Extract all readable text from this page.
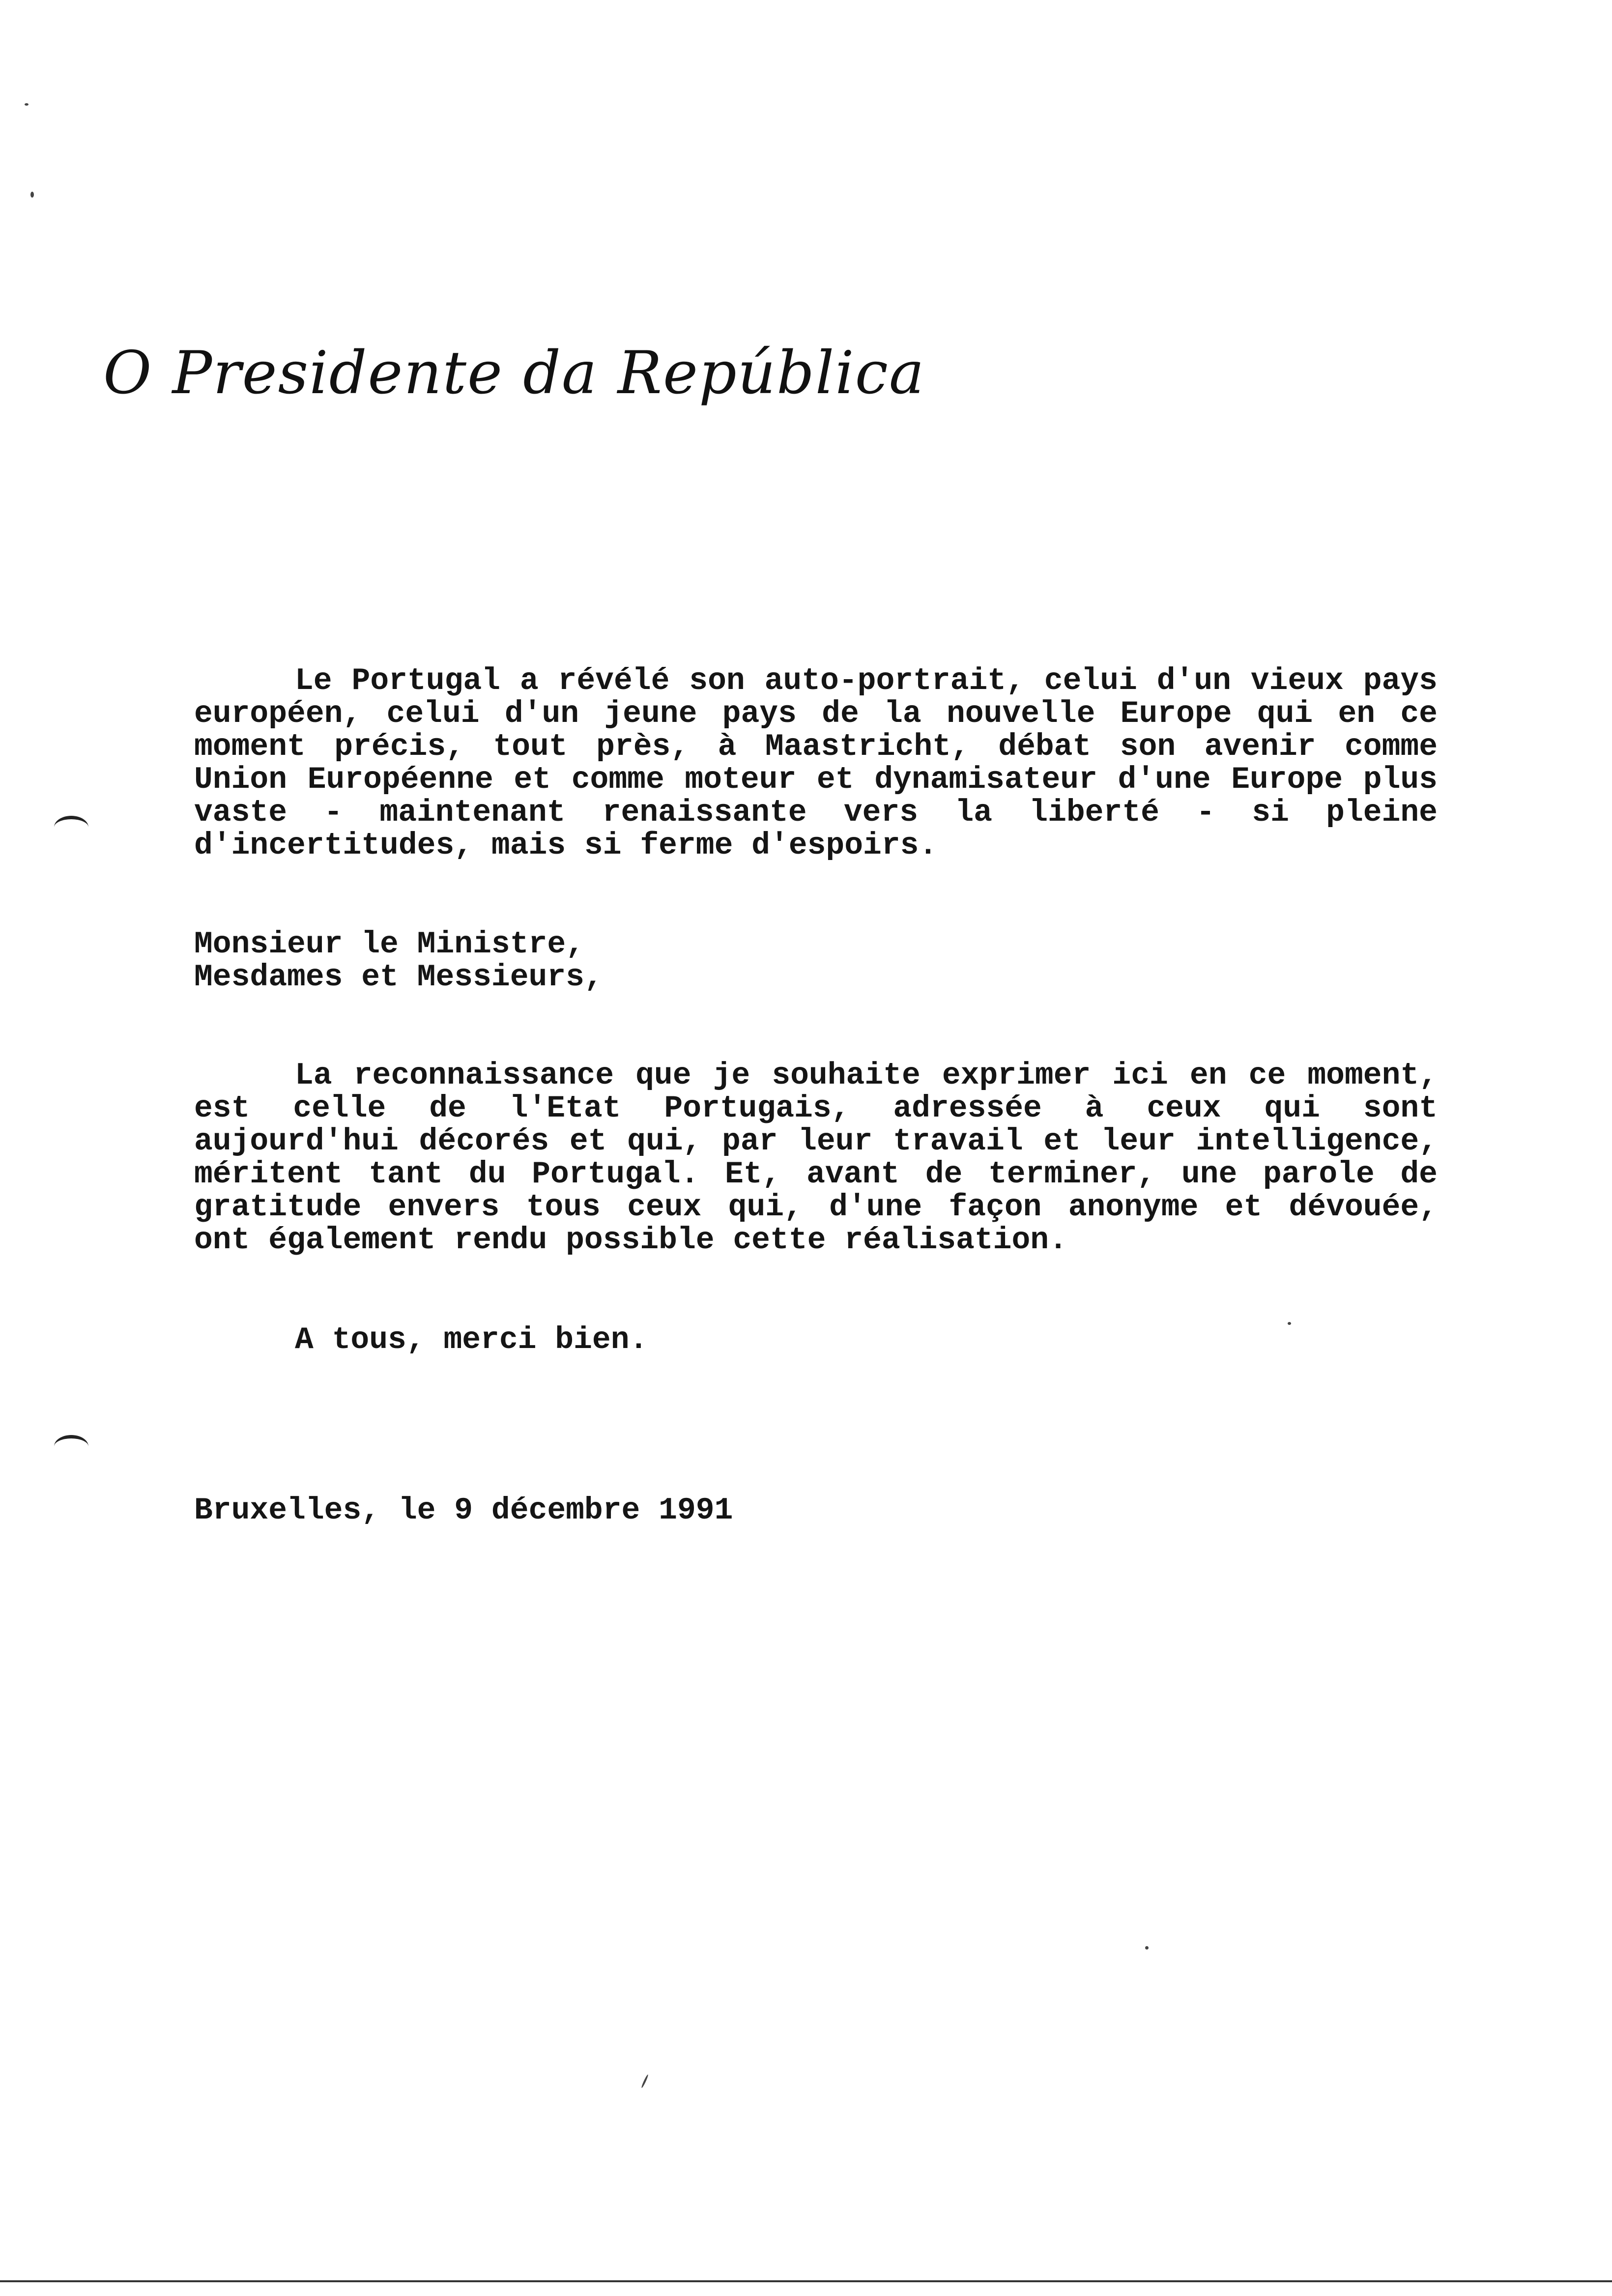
O Presidente da República

Le Portugal a révélé son auto-portrait, celui d'un vieux pays européen, celui d'un jeune pays de la nouvelle Europe qui en ce moment précis, tout près, à Maastricht, débat son avenir comme Union Européenne et comme moteur et dynamisateur d'une Europe plus vaste - maintenant renaissante vers la liberté - si pleine d'incertitudes, mais si ferme d'espoirs.

Monsieur le Ministre,
Mesdames et Messieurs,

La reconnaissance que je souhaite exprimer ici en ce moment, est celle de l'Etat Portugais, adressée à ceux qui sont aujourd'hui décorés et qui, par leur travail et leur intelligence, méritent tant du Portugal. Et, avant de terminer, une parole de gratitude envers tous ceux qui, d'une façon anonyme et dévouée, ont également rendu possible cette réalisation.

A tous, merci bien.

Bruxelles, le 9 décembre 1991
